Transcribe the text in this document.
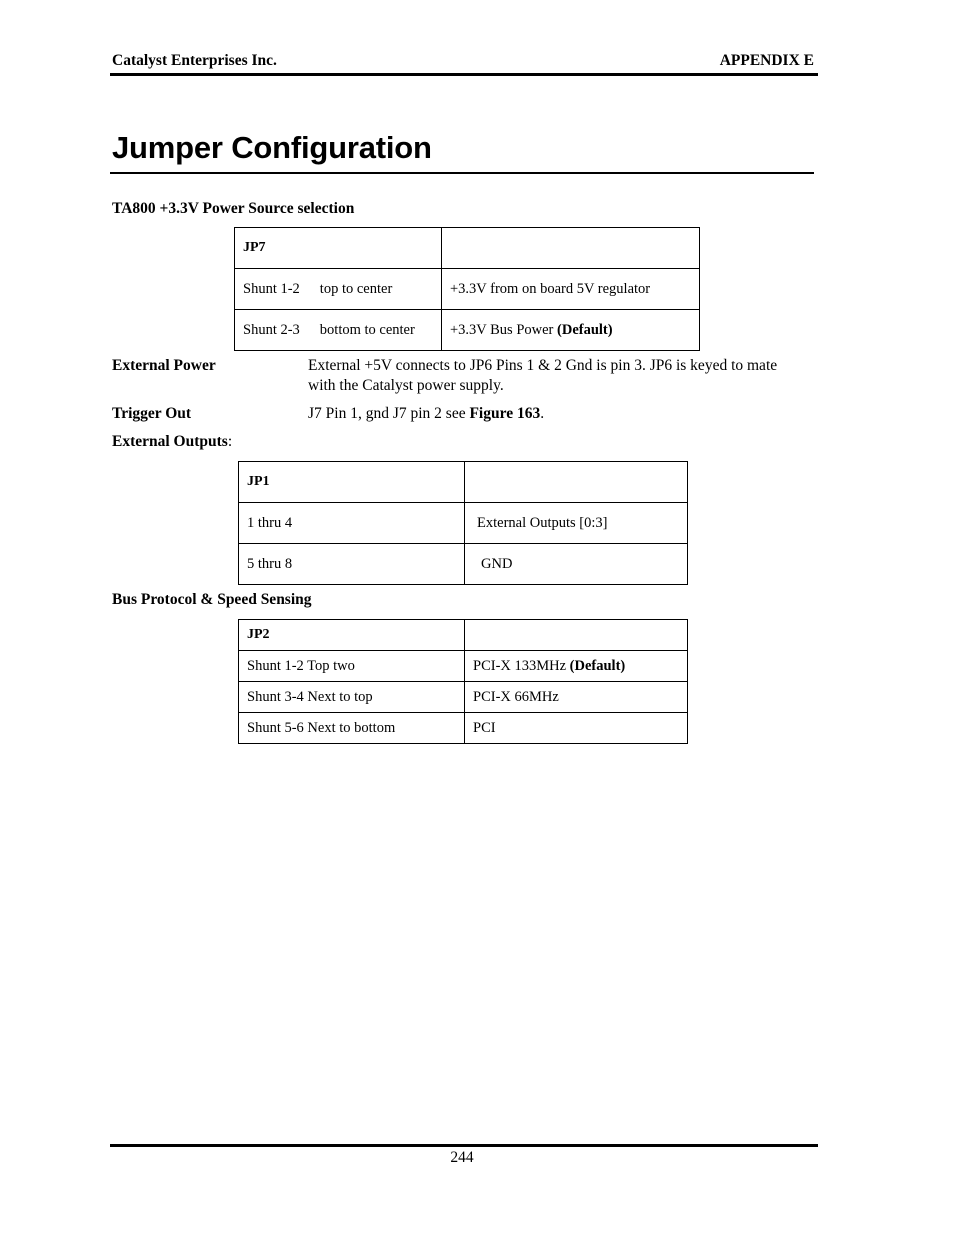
Catalyst Enterprises Inc.	APPENDIX E
Jumper Configuration
TA800 +3.3V Power Source selection
JP7	
Shunt 1-2 top to center	+3.3V from on board 5V regulator
Shunt 2-3 bottom to center	+3.3V Bus Power (Default)
External Power	External +5V connects to JP6 Pins 1 & 2 Gnd is pin 3. JP6 is keyed to mate with the Catalyst power supply.
Trigger Out	J7 Pin 1, gnd J7 pin 2 see Figure 163.
External Outputs:
JP1	
1 thru 4	External Outputs [0:3]
5 thru 8	GND
Bus Protocol & Speed Sensing
JP2	
Shunt 1-2 Top two	PCI-X 133MHz (Default)
Shunt 3-4 Next to top	PCI-X 66MHz
Shunt 5-6 Next to bottom	PCI
244
